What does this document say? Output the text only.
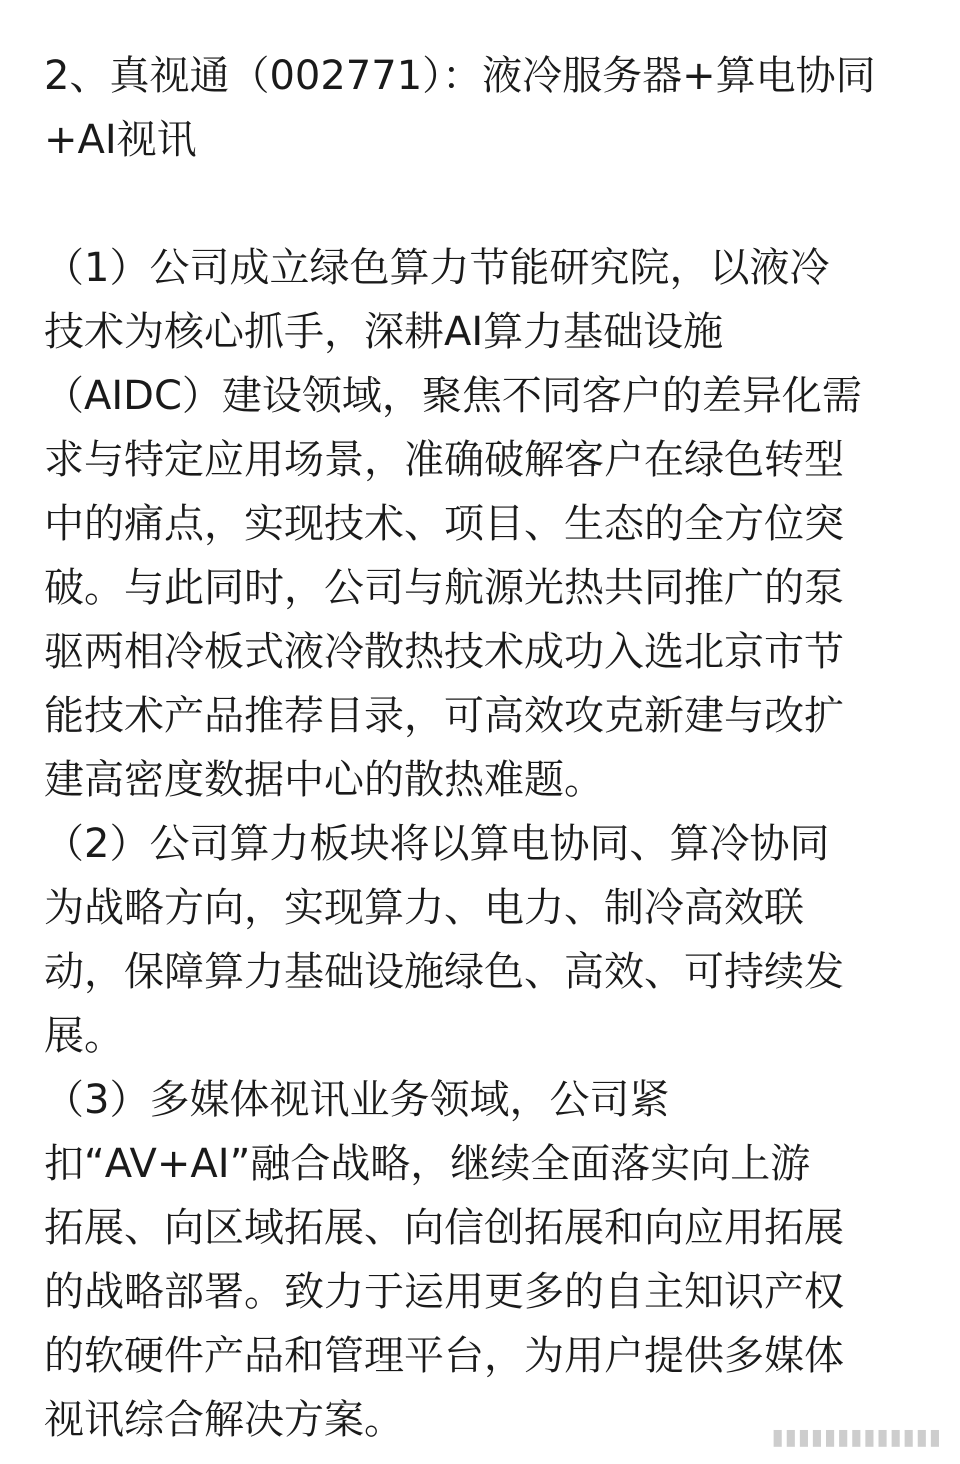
2、真视通（002771）：液冷服务器+算电协同
+AI视讯
（1）公司成立绿色算力节能研究院，以液冷
技术为核心抓手，深耕AI算力基础设施
（AIDC）建设领域，聚焦不同客户的差异化需
求与特定应用场景，准确破解客户在绿色转型
中的痛点，实现技术、项目、生态的全方位突
破。与此同时，公司与航源光热共同推广的泵
驱两相冷板式液冷散热技术成功入选北京市节
能技术产品推荐目录，可高效攻克新建与改扩
建高密度数据中心的散热难题。
（2）公司算力板块将以算电协同、算冷协同
为战略方向，实现算力、电力、制冷高效联
动，保障算力基础设施绿色、高效、可持续发
展。
（3）多媒体视讯业务领域，公司紧
扣“AV+AI”融合战略，继续全面落实向上游
拓展、向区域拓展、向信创拓展和向应用拓展
的战略部署。致力于运用更多的自主知识产权
的软硬件产品和管理平台，为用户提供多媒体
视讯综合解决方案。	▮▮▮▮▮▮▮▮▮▮▮▮▮
